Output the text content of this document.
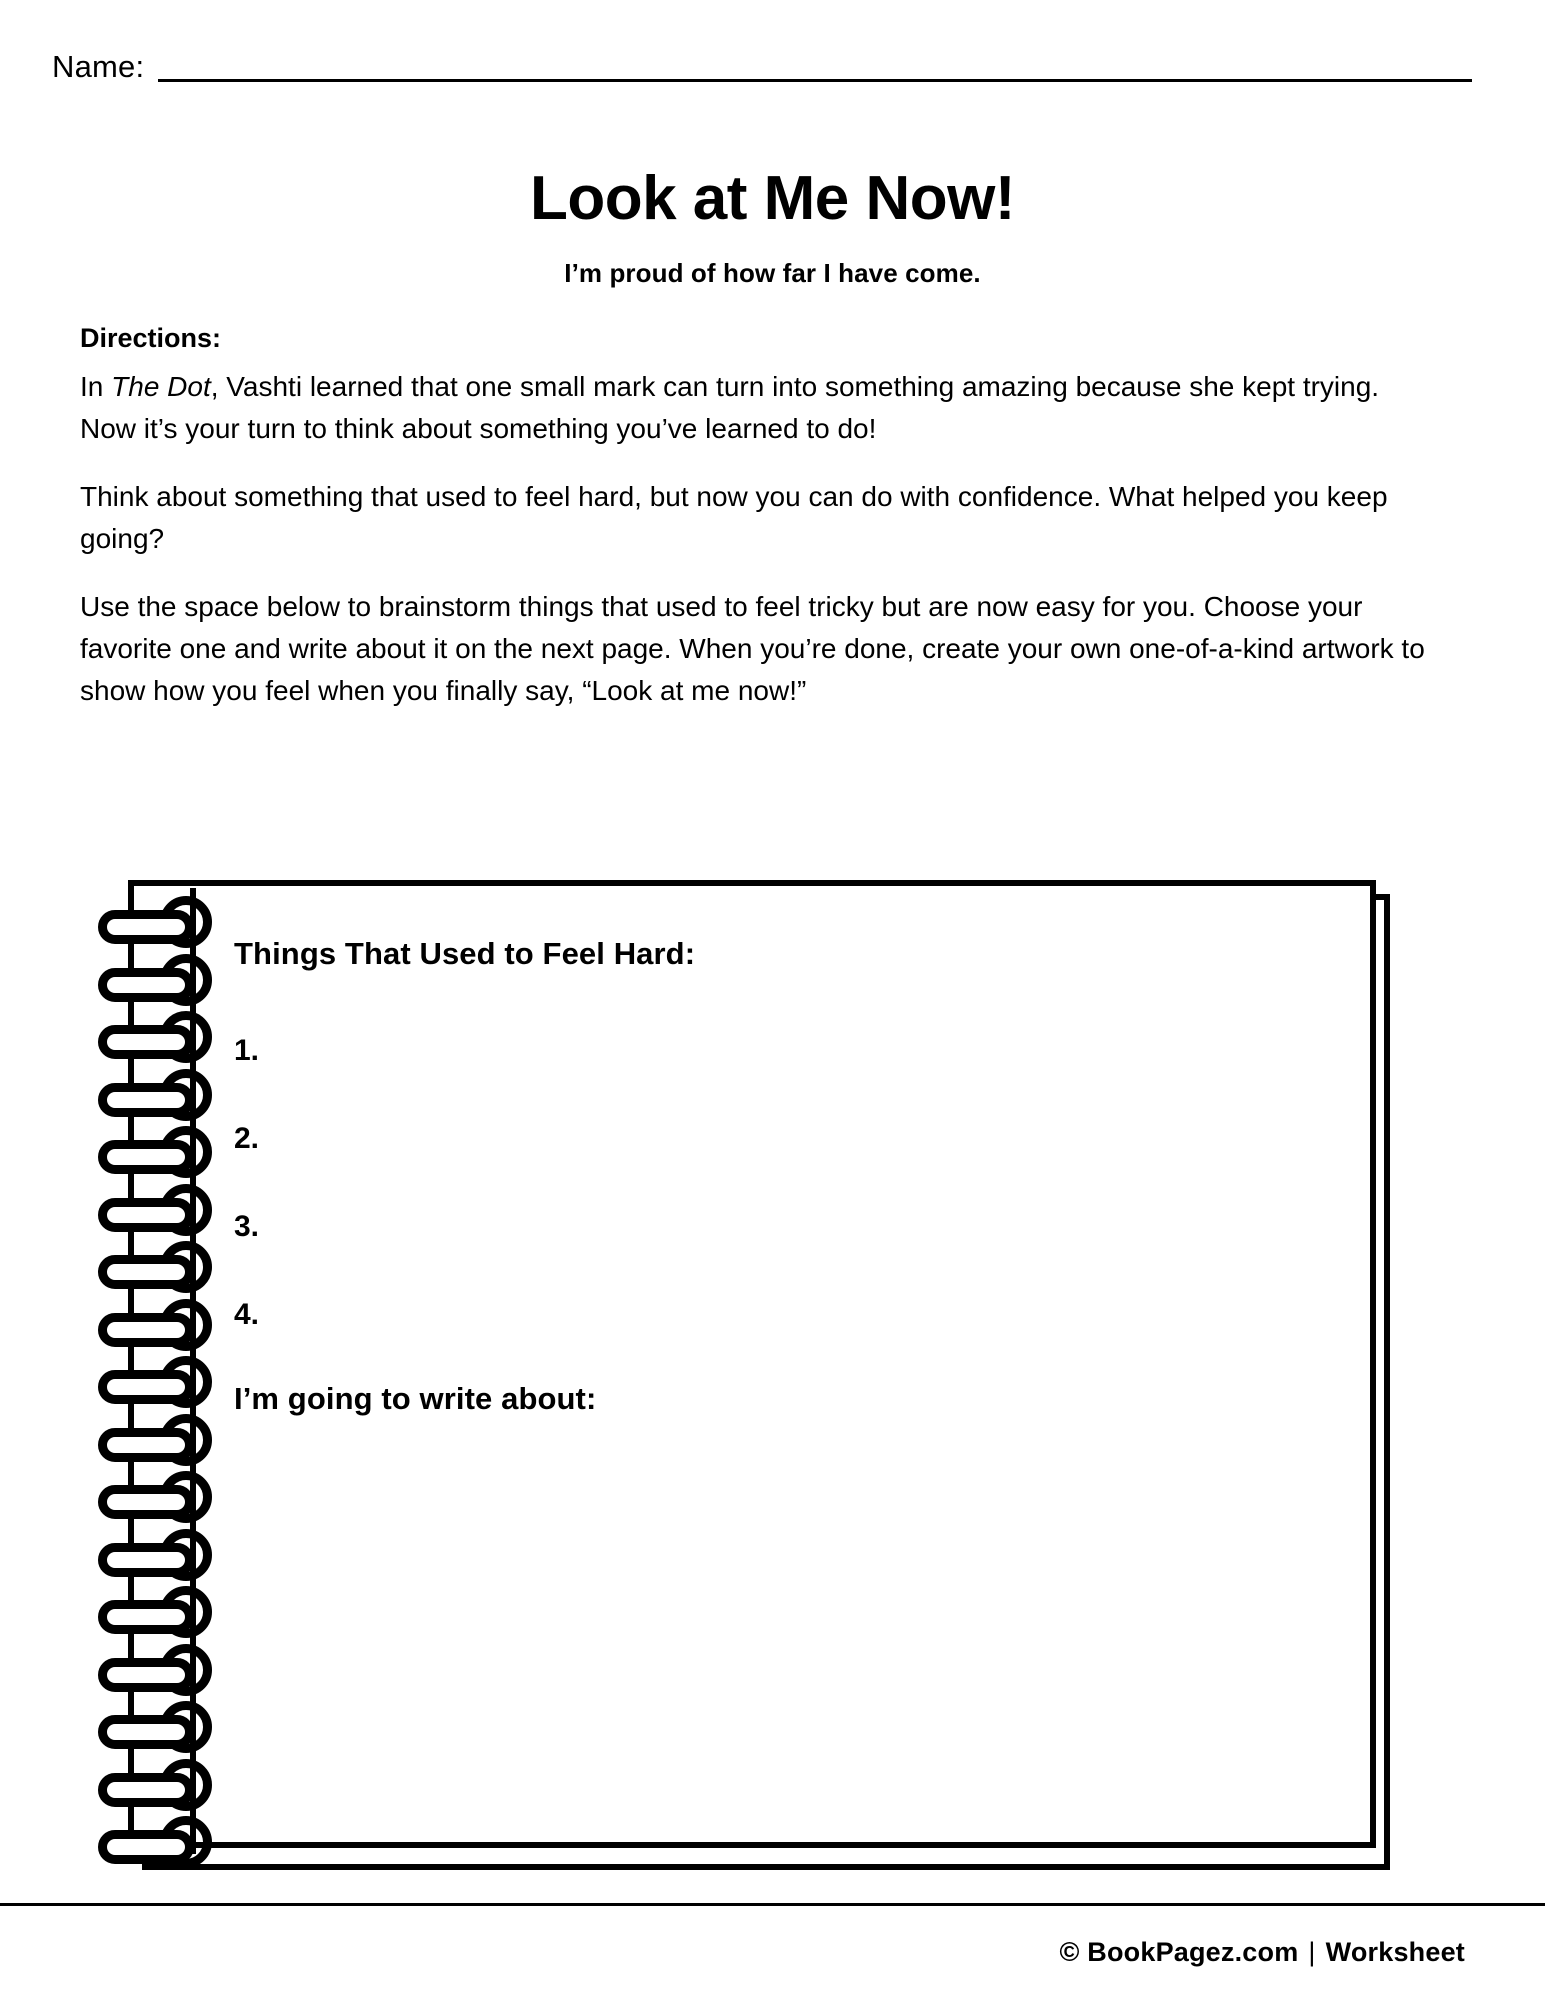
Name:
Look at Me Now!
I’m proud of how far I have come.
Directions:

In The Dot, Vashti learned that one small mark can turn into something amazing because she kept trying. Now it’s your turn to think about something you’ve learned to do!

Think about something that used to feel hard, but now you can do with confidence. What helped you keep going?

Use the space below to brainstorm things that used to feel tricky but are now easy for you. Choose your favorite one and write about it on the next page. When you’re done, create your own one-of-a-kind artwork to show how you feel when you finally say, “Look at me now!”

Things That Used to Feel Hard:
1.
2.
3.
4.
I’m going to write about:
© BookPagez.com | Worksheet
